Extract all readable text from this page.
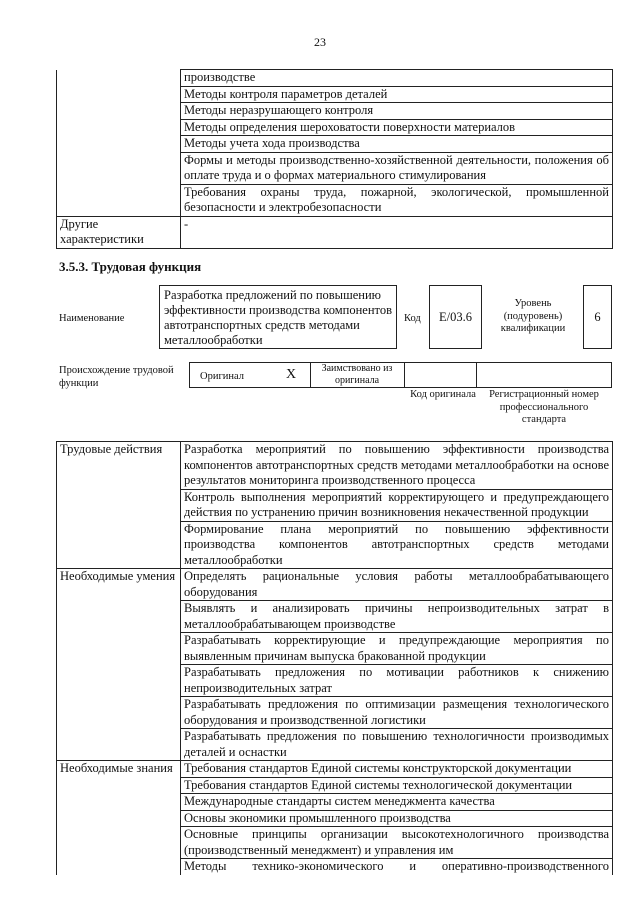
23
	производстве
	Методы контроля параметров деталей
	Методы неразрушающего контроля
	Методы определения шероховатости поверхности материалов
	Методы учета хода производства
	Формы и методы производственно-хозяйственной деятельности, положения об оплате труда и о формах материального стимулирования
	Требования охраны труда, пожарной, экологической, промышленной безопасности и электробезопасности
Другие характеристики	-
3.5.3. Трудовая функция
Наименование
Разработка предложений по повышению эффективности производства компонентов автотранспортных средств методами металлообработки
Код	E/03.6
Уровень (подуровень) квалификации
6
Происхождение трудовой функции
Оригинал	X	Заимствовано из оригинала
Код оригинала	Регистрационный номер профессионального стандарта
Трудовые действия	Разработка мероприятий по повышению эффективности производства компонентов автотранспортных средств методами металлообработки на основе результатов мониторинга производственного процесса
	Контроль выполнения мероприятий корректирующего и предупреждающего действия по устранению причин возникновения некачественной продукции
	Формирование плана мероприятий по повышению эффективности производства компонентов автотранспортных средств методами металлообработки
Необходимые умения	Определять рациональные условия работы металлообрабатывающего оборудования
	Выявлять и анализировать причины непроизводительных затрат в металлообрабатывающем производстве
	Разрабатывать корректирующие и предупреждающие мероприятия по выявленным причинам выпуска бракованной продукции
	Разрабатывать предложения по мотивации работников к снижению непроизводительных затрат
	Разрабатывать предложения по оптимизации размещения технологического оборудования и производственной логистики
	Разрабатывать предложения по повышению технологичности производимых деталей и оснастки
Необходимые знания	Требования стандартов Единой системы конструкторской документации
	Требования стандартов Единой системы технологической документации
	Международные стандарты систем менеджмента качества
	Основы экономики промышленного производства
	Основные принципы организации высокотехнологичного производства (производственный менеджмент) и управления им
	Методы технико-экономического и оперативно-производственного
